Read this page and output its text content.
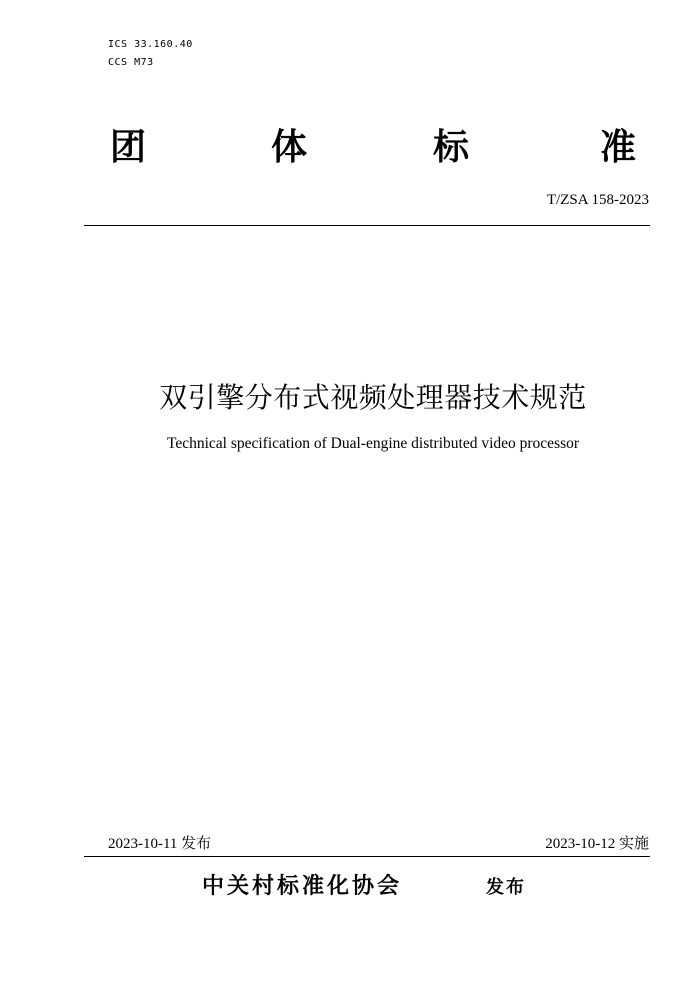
ICS 33.160.40
CCS M73
团	体	标	准
T/ZSA 158-2023
双引擎分布式视频处理器技术规范
Technical specification of Dual-engine distributed video processor
2023-10-11 发布	2023-10-12 实施
中关村标准化协会	发布
